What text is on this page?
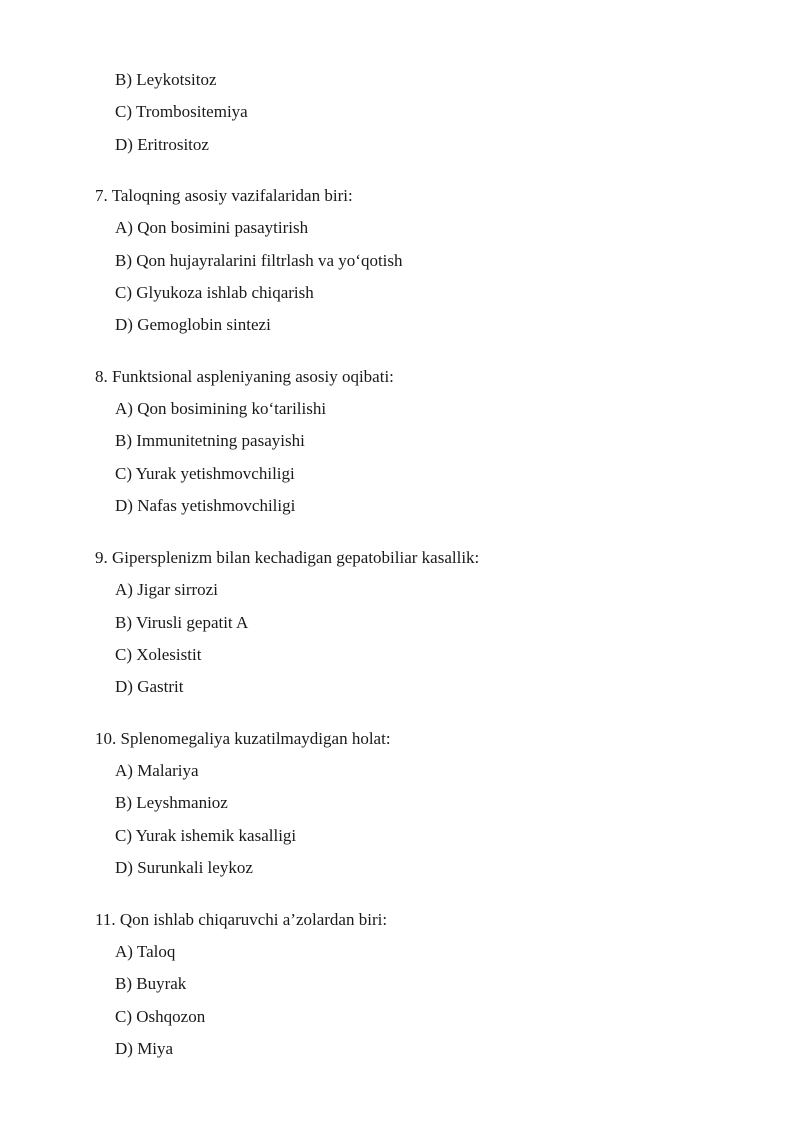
B) Leykotsitoz
C) Trombositemiya
D) Eritrositoz
7. Taloqning asosiy vazifalaridan biri:
A) Qon bosimini pasaytirish
B) Qon hujayralarini filtrlash va yo‘qotish
C) Glyukoza ishlab chiqarish
D) Gemoglobin sintezi
8. Funktsional aspleniyaning asosiy oqibati:
A) Qon bosimining ko‘tarilishi
B) Immunitetning pasayishi
C) Yurak yetishmovchiligi
D) Nafas yetishmovchiligi
9. Gipersplenizm bilan kechadigan gepatobiliar kasallik:
A) Jigar sirrozi
B) Virusli gepatit A
C) Xolesistit
D) Gastrit
10. Splenomegaliya kuzatilmaydigan holat:
A) Malariya
B) Leyshmanioz
C) Yurak ishemik kasalligi
D) Surunkali leykoz
11. Qon ishlab chiqaruvchi a’zolardan biri:
A) Taloq
B) Buyrak
C) Oshqozon
D) Miya
